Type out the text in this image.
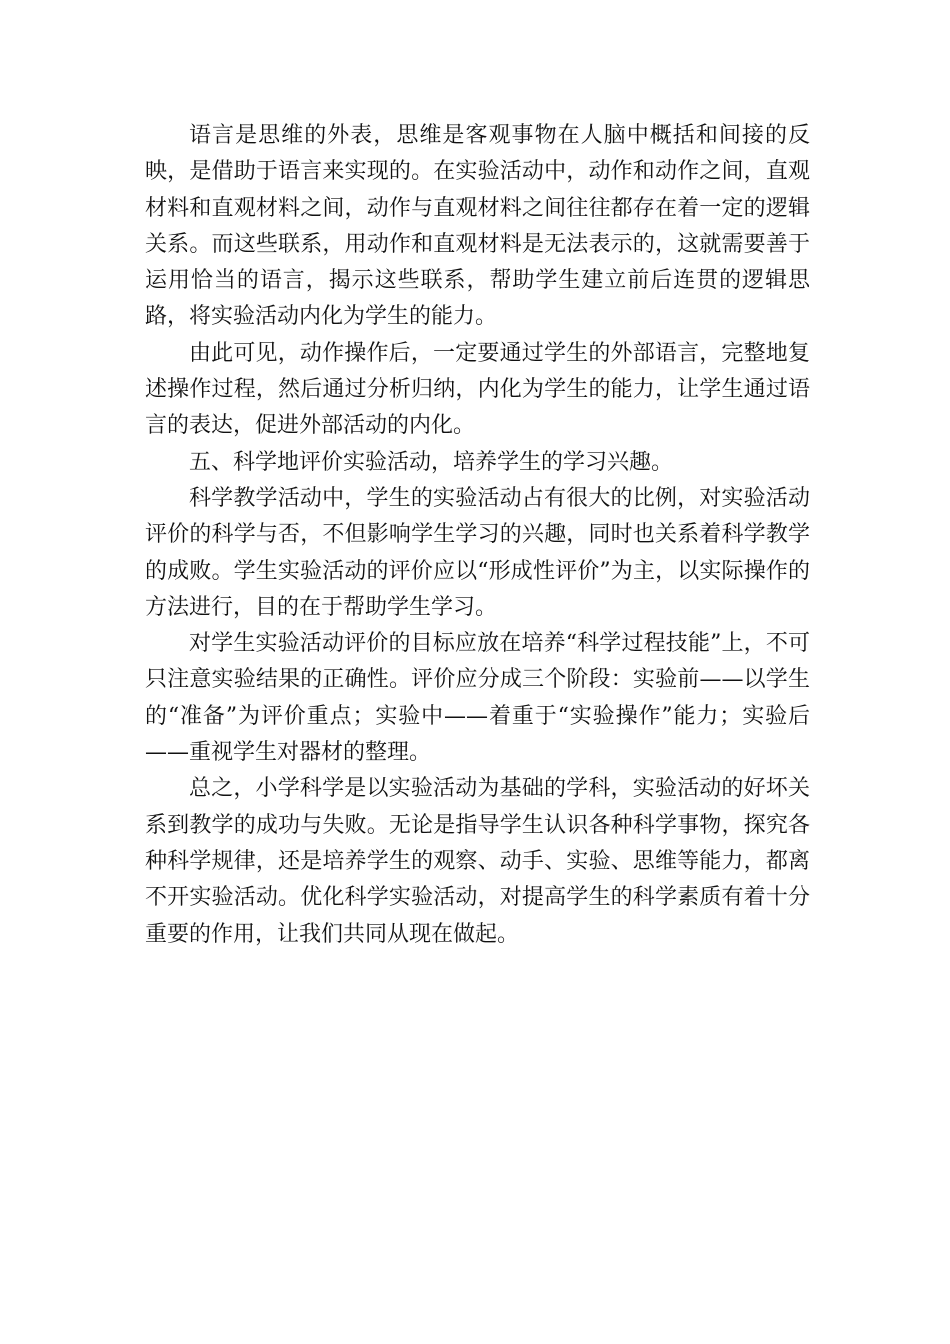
语言是思维的外表，思维是客观事物在人脑中概括和间接的反映，是借助于语言来实现的。在实验活动中，动作和动作之间，直观材料和直观材料之间，动作与直观材料之间往往都存在着一定的逻辑关系。而这些联系，用动作和直观材料是无法表示的，这就需要善于运用恰当的语言，揭示这些联系，帮助学生建立前后连贯的逻辑思路，将实验活动内化为学生的能力。

由此可见，动作操作后，一定要通过学生的外部语言，完整地复述操作过程，然后通过分析归纳，内化为学生的能力，让学生通过语言的表达，促进外部活动的内化。

五、科学地评价实验活动，培养学生的学习兴趣。

科学教学活动中，学生的实验活动占有很大的比例，对实验活动评价的科学与否，不但影响学生学习的兴趣，同时也关系着科学教学的成败。学生实验活动的评价应以“形成性评价”为主，以实际操作的方法进行，目的在于帮助学生学习。

对学生实验活动评价的目标应放在培养“科学过程技能”上，不可只注意实验结果的正确性。评价应分成三个阶段：实验前——以学生的“准备”为评价重点；实验中——着重于“实验操作”能力；实验后——重视学生对器材的整理。

总之，小学科学是以实验活动为基础的学科，实验活动的好坏关系到教学的成功与失败。无论是指导学生认识各种科学事物，探究各种科学规律，还是培养学生的观察、动手、实验、思维等能力，都离不开实验活动。优化科学实验活动，对提高学生的科学素质有着十分重要的作用，让我们共同从现在做起。
